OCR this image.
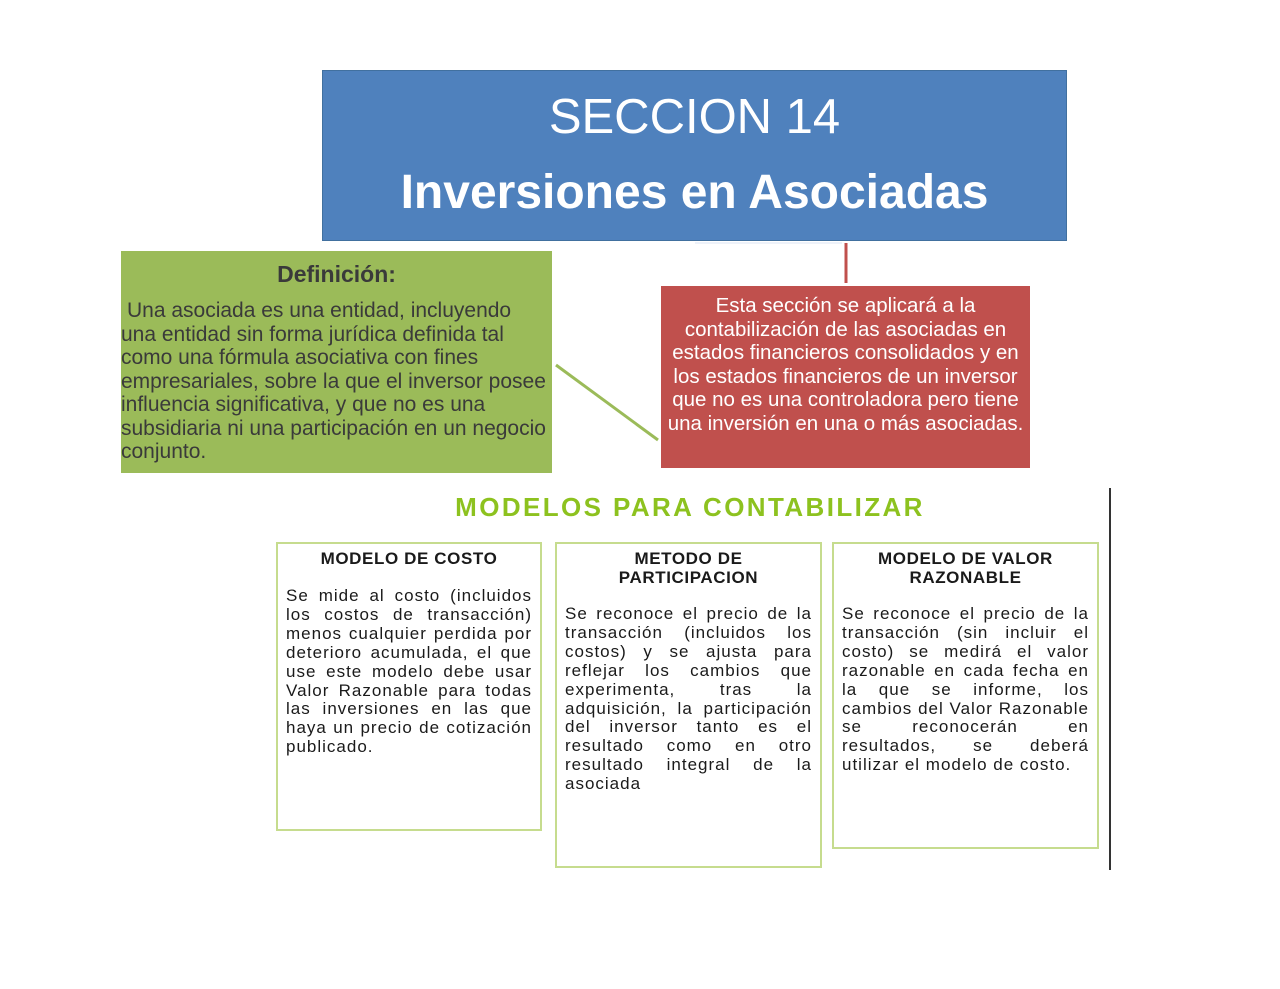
SECCION 14
Inversiones en Asociadas
Definición:
Una asociada es una entidad, incluyendo una entidad sin forma jurídica definida tal como una fórmula asociativa con fines empresariales, sobre la que el inversor posee influencia significativa, y que no es una subsidiaria ni una participación en un negocio conjunto.
Esta sección se aplicará a la contabilización de las asociadas en estados financieros consolidados y en los estados financieros de un inversor que no es una controladora pero tiene una inversión en una o más asociadas.
MODELOS PARA CONTABILIZAR
MODELO DE COSTO
Se mide al costo (incluidos los costos de transacción) menos cualquier perdida por deterioro acumulada, el que use este modelo debe usar Valor Razonable para todas las inversiones en las que haya un precio de cotización publicado.
METODO DE PARTICIPACION
Se reconoce el precio de la transacción (incluidos los costos) y se ajusta para reflejar los cambios que experimenta, tras la adquisición, la participación del inversor tanto es el resultado como en otro resultado integral de la asociada
MODELO DE VALOR RAZONABLE
Se reconoce el precio de la transacción (sin incluir el costo) se medirá el valor razonable en cada fecha en la que se informe, los cambios del Valor Razonable se reconocerán en resultados, se deberá utilizar el modelo de costo.
